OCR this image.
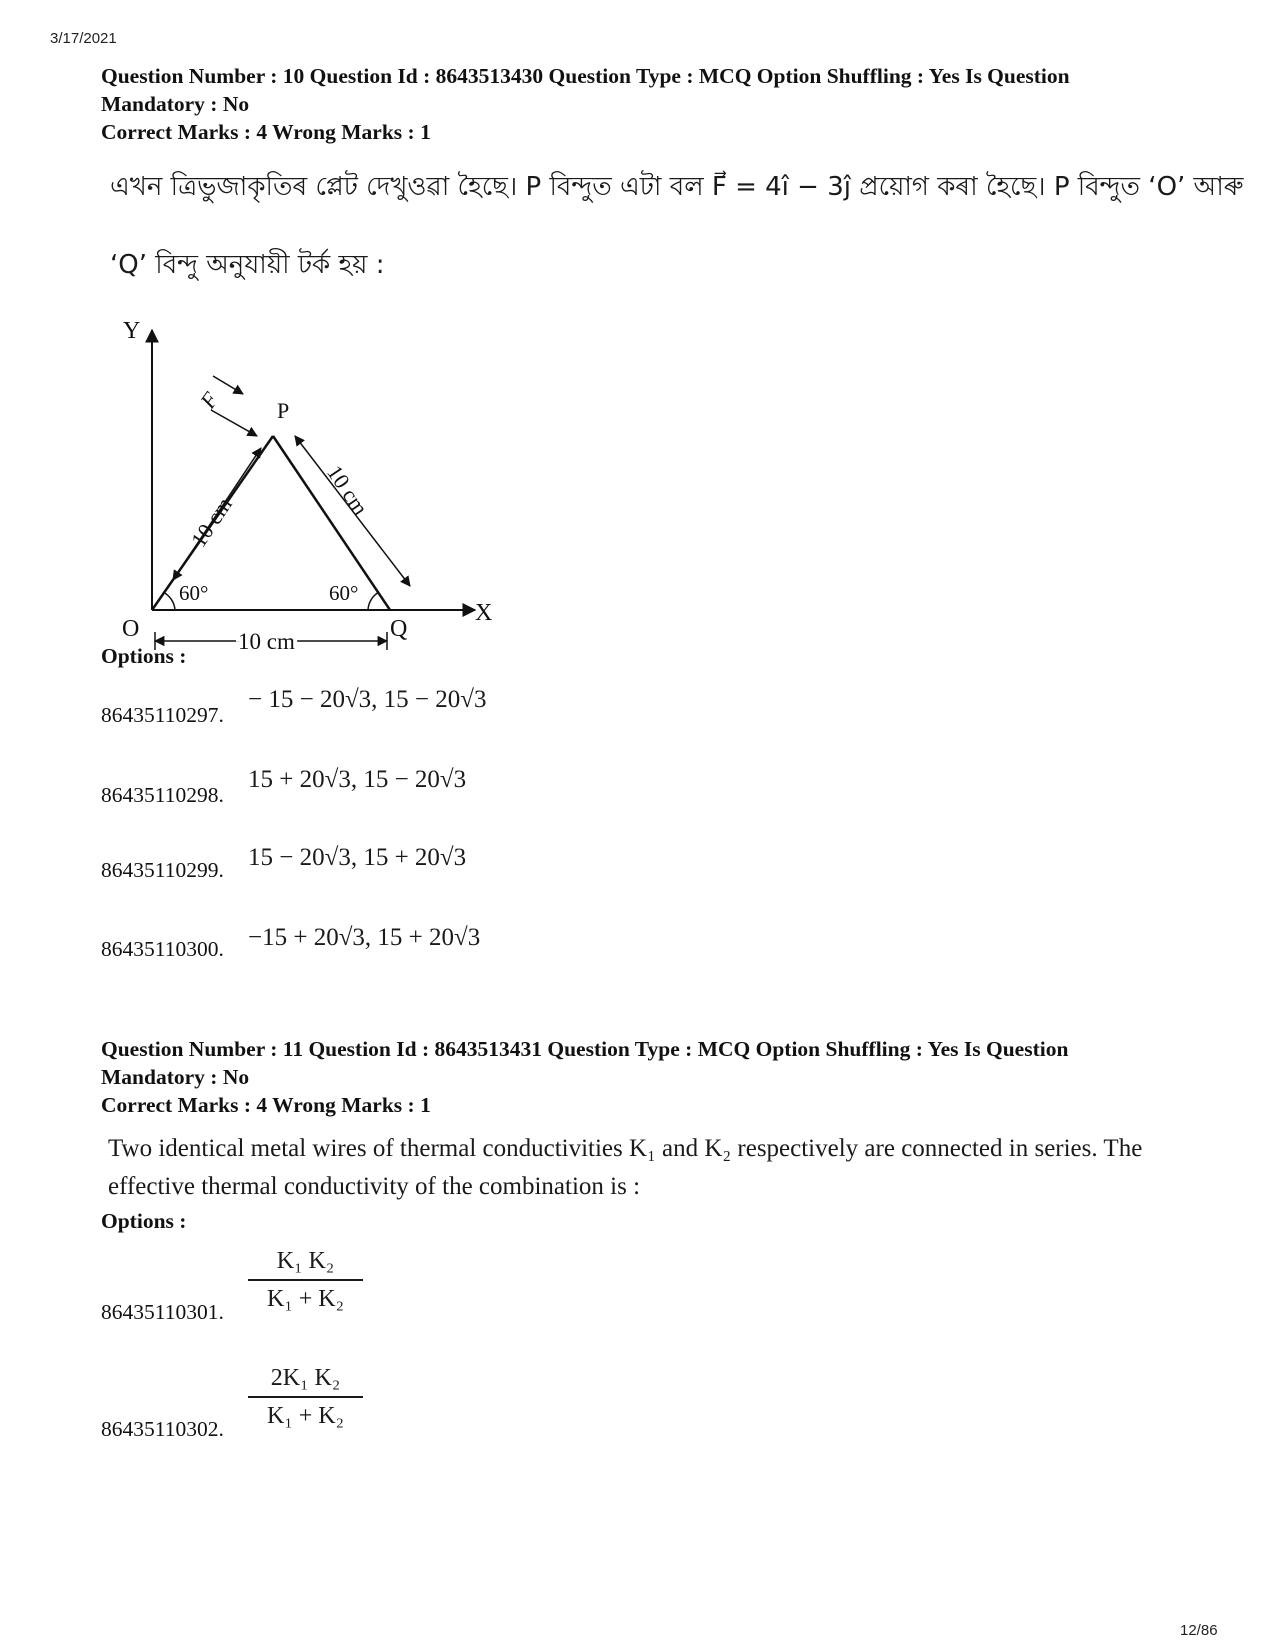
3/17/2021
Question Number : 10 Question Id : 8643513430 Question Type : MCQ Option Shuffling : Yes Is Question Mandatory : No
Correct Marks : 4 Wrong Marks : 1
এখন ত্ৰিভুজাকৃতিৰ প্লেট দেখুওৱা হৈছে। P বিন্দুত এটা বল F⃗ = 4î − 3ĵ প্ৰয়োগ কৰা হৈছে। P বিন্দুত ‘O’ আৰু
‘Q’ বিন্দু অনুযায়ী টৰ্ক হয় :
Y
X
O
P
Q
F
10 cm
10 cm
10 cm
60°	60°
Options :
86435110297.
− 15 − 20√3, 15 − 20√3
86435110298.
15 + 20√3, 15 − 20√3
86435110299. 15 − 20√3, 15 + 20√3
86435110300. −15 + 20√3, 15 + 20√3
Question Number : 11 Question Id : 8643513431 Question Type : MCQ Option Shuffling : Yes Is Question Mandatory : No
Correct Marks : 4 Wrong Marks : 1
Two identical metal wires of thermal conductivities K₁ and K₂ respectively are connected in series. The effective thermal conductivity of the combination is :
Options :
K₁ K₂
K₁ + K₂
86435110301.
2K₁ K₂
K₁ + K₂
86435110302.
12/86
